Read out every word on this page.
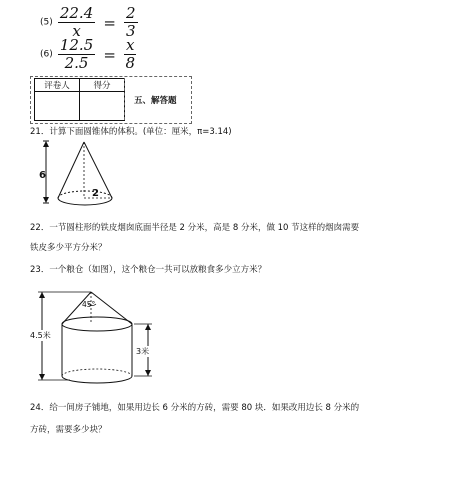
$(5) \frac{22.4}{x} = \frac{2}{3}$
$(6) \frac{12.5}{2.5} = \frac{x}{8}$
评卷人	得分

五、解答题
21．计算下面圆锥体的体积。(单位：厘米，π=3.14)
6
2
22．一节圆柱形的铁皮烟囱底面半径是 2 分米，高是 8 分米，做 10 节这样的烟囱需要
铁皮多少平方分米？
23．一个粮仓（如图），这个粮仓一共可以放粮食多少立方米？
45°
4.5米
3米
24．给一间房子铺地，如果用边长 6 分米的方砖，需要 80 块．如果改用边长 8 分米的
方砖，需要多少块？
